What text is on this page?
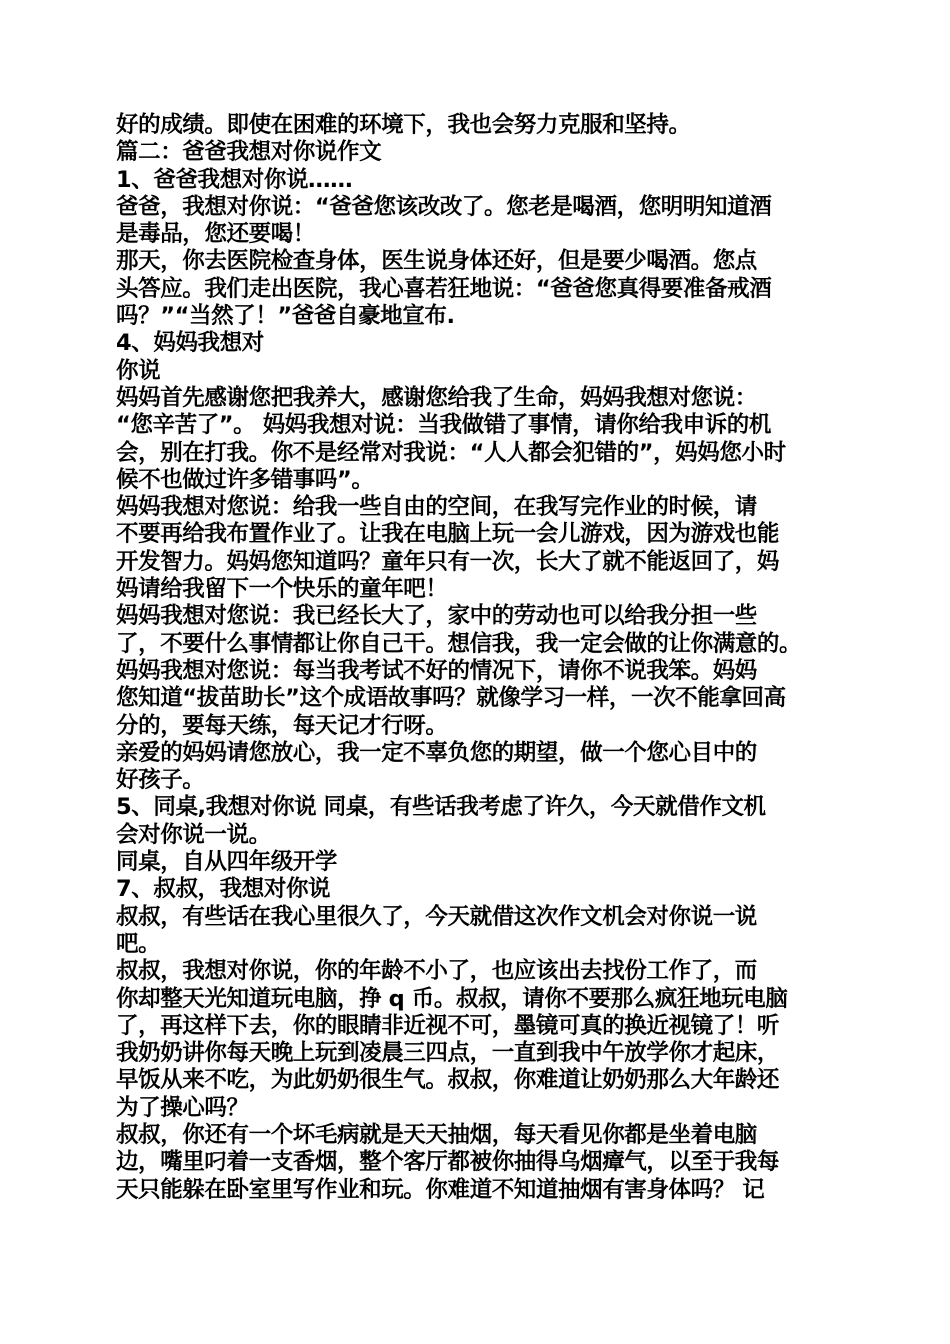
好的成绩。即使在困难的环境下，我也会努力克服和坚持。
篇二：爸爸我想对你说作文
1、爸爸我想对你说……
爸爸，我想对你说：“爸爸您该改改了。您老是喝酒，您明明知道酒
是毒品，您还要喝！
那天，你去医院检查身体，医生说身体还好，但是要少喝酒。您点
头答应。我们走出医院，我心喜若狂地说：“爸爸您真得要准备戒酒
吗？”“当然了！”爸爸自豪地宣布.
4、妈妈我想对
你说
妈妈首先感谢您把我养大，感谢您给我了生命，妈妈我想对您说：
“您辛苦了”。 妈妈我想对说：当我做错了事情，请你给我申诉的机
会，别在打我。你不是经常对我说：“人人都会犯错的”，妈妈您小时
候不也做过许多错事吗”。
妈妈我想对您说：给我一些自由的空间，在我写完作业的时候，请
不要再给我布置作业了。让我在电脑上玩一会儿游戏，因为游戏也能
开发智力。妈妈您知道吗？童年只有一次，长大了就不能返回了，妈
妈请给我留下一个快乐的童年吧！
妈妈我想对您说：我已经长大了，家中的劳动也可以给我分担一些
了，不要什么事情都让你自己干。想信我，我一定会做的让你满意的。
妈妈我想对您说：每当我考试不好的情况下，请你不说我笨。妈妈
您知道“拔苗助长”这个成语故事吗？就像学习一样，一次不能拿回高
分的，要每天练，每天记才行呀。
亲爱的妈妈请您放心，我一定不辜负您的期望，做一个您心目中的
好孩子。
5、同桌,我想对你说 同桌，有些话我考虑了许久，今天就借作文机
会对你说一说。
同桌，自从四年级开学
7、叔叔，我想对你说
叔叔，有些话在我心里很久了，今天就借这次作文机会对你说一说
吧。
叔叔，我想对你说，你的年龄不小了，也应该出去找份工作了，而
你却整天光知道玩电脑，挣 q 币。叔叔，请你不要那么疯狂地玩电脑
了，再这样下去，你的眼睛非近视不可，墨镜可真的换近视镜了！听
我奶奶讲你每天晚上玩到凌晨三四点，一直到我中午放学你才起床，
早饭从来不吃，为此奶奶很生气。叔叔，你难道让奶奶那么大年龄还
为了操心吗？
叔叔，你还有一个坏毛病就是天天抽烟，每天看见你都是坐着电脑
边，嘴里叼着一支香烟，整个客厅都被你抽得乌烟瘴气，以至于我每
天只能躲在卧室里写作业和玩。你难道不知道抽烟有害身体吗？ 记
